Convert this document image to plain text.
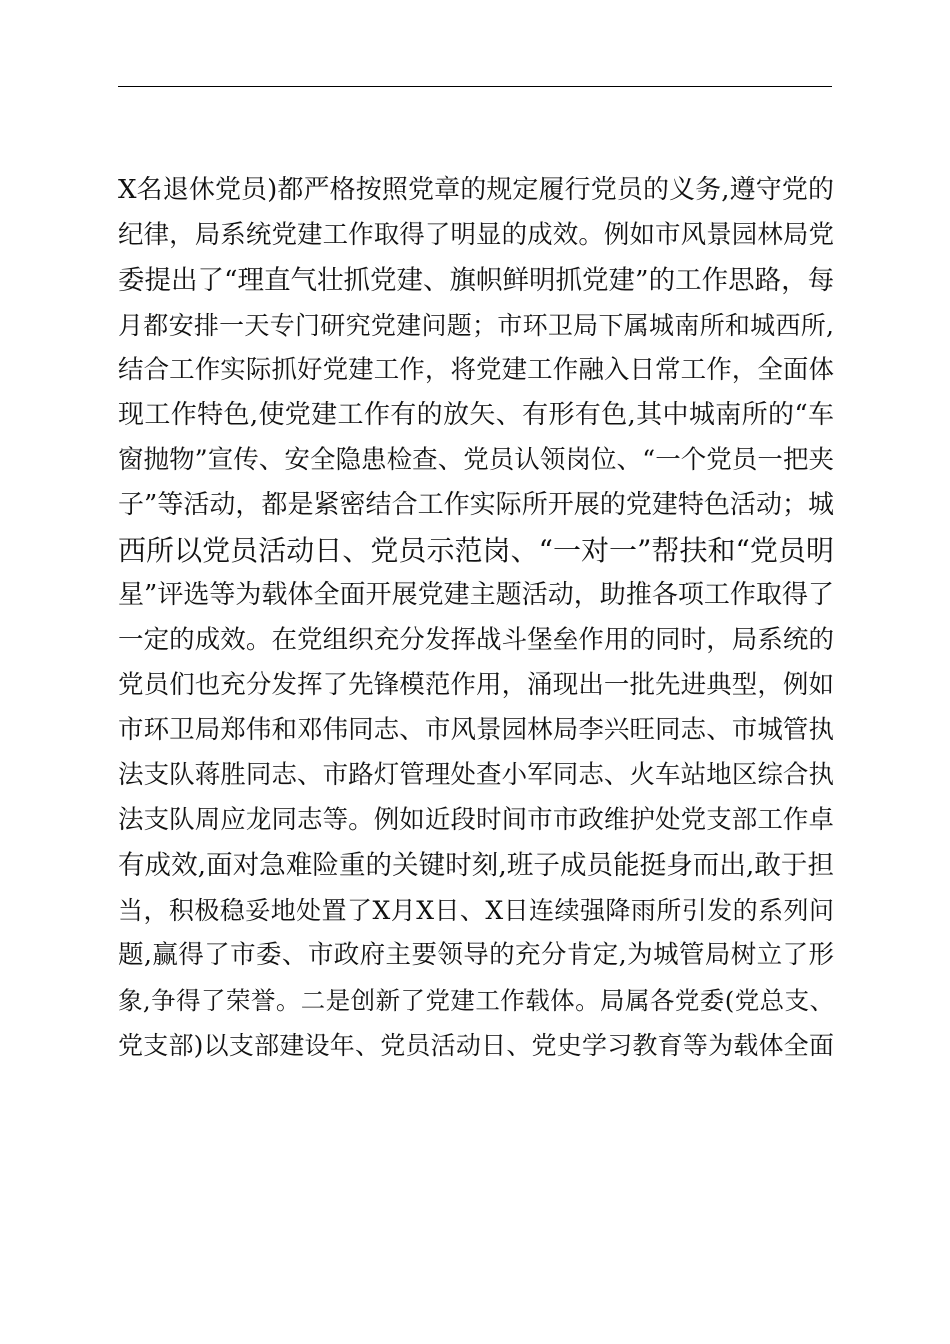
X名退休党员)都严格按照党章的规定履行党员的义务,遵守党的
纪律，局系统党建工作取得了明显的成效。例如市风景园林局党
委提出了“理直气壮抓党建、旗帜鲜明抓党建”的工作思路，每
月都安排一天专门研究党建问题；市环卫局下属城南所和城西所,
结合工作实际抓好党建工作，将党建工作融入日常工作，全面体
现工作特色,使党建工作有的放矢、有形有色,其中城南所的“车
窗抛物”宣传、安全隐患检查、党员认领岗位、“一个党员一把夹
子”等活动，都是紧密结合工作实际所开展的党建特色活动；城
西所以党员活动日、党员示范岗、“一对一”帮扶和“党员明
星”评选等为载体全面开展党建主题活动，助推各项工作取得了
一定的成效。在党组织充分发挥战斗堡垒作用的同时，局系统的
党员们也充分发挥了先锋模范作用，涌现出一批先进典型，例如
市环卫局郑伟和邓伟同志、市风景园林局李兴旺同志、市城管执
法支队蒋胜同志、市路灯管理处查小军同志、火车站地区综合执
法支队周应龙同志等。例如近段时间市市政维护处党支部工作卓
有成效,面对急难险重的关键时刻,班子成员能挺身而出,敢于担
当，积极稳妥地处置了X月X日、X日连续强降雨所引发的系列问
题,赢得了市委、市政府主要领导的充分肯定,为城管局树立了形
象,争得了荣誉。二是创新了党建工作载体。局属各党委(党总支、
党支部)以支部建设年、党员活动日、党史学习教育等为载体全面
